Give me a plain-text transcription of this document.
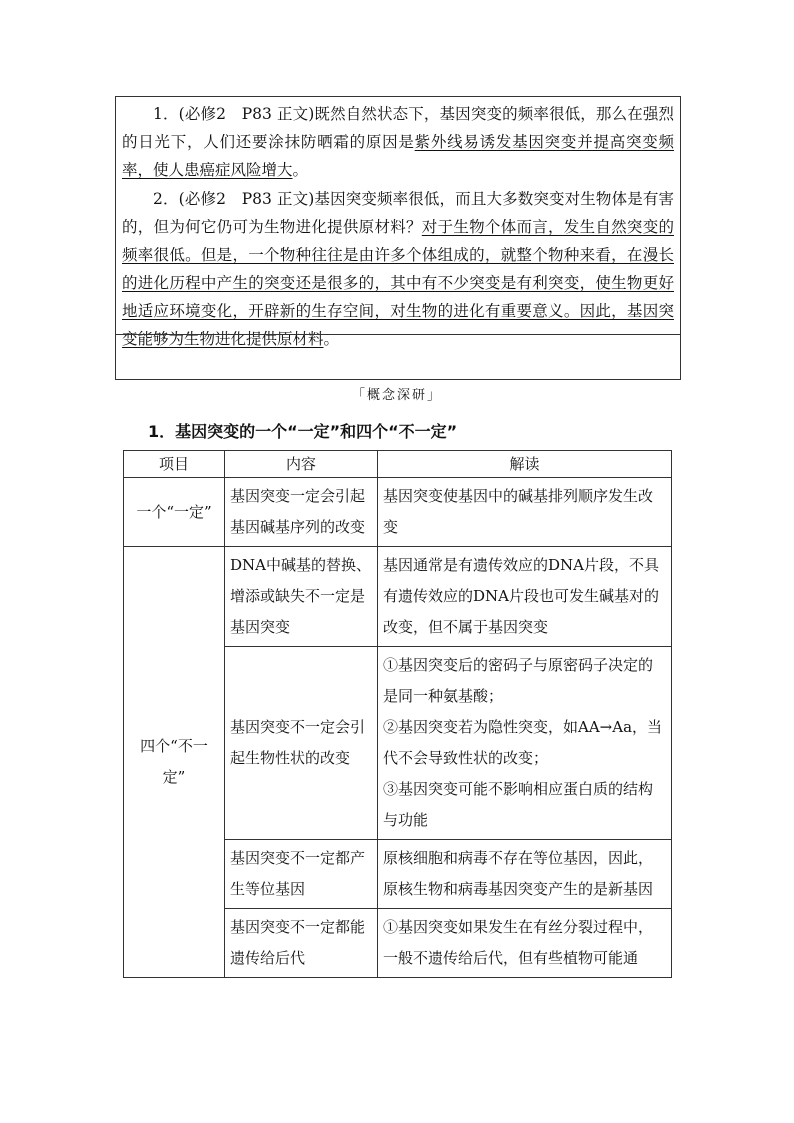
1．(必修2　P83 正文)既然自然状态下，基因突变的频率很低，那么在强烈的日光下，人们还要涂抹防晒霜的原因是紫外线易诱发基因突变并提高突变频率，使人患癌症风险增大。

2．(必修2　P83 正文)基因突变频率很低，而且大多数突变对生物体是有害的，但为何它仍可为生物进化提供原材料？对于生物个体而言，发生自然突变的频率很低。但是，一个物种往往是由许多个体组成的，就整个物种来看，在漫长的进化历程中产生的突变还是很多的，其中有不少突变是有利突变，使生物更好地适应环境变化，开辟新的生存空间，对生物的进化有重要意义。因此，基因突变能够为生物进化提供原材料。

「概念深研」
1．基因突变的一个“一定”和四个“不一定”
项目	内容	解读
一个“一定”	基因突变一定会引起基因碱基序列的改变	基因突变使基因中的碱基排列顺序发生改变
四个“不一定”	DNA中碱基的替换、增添或缺失不一定是基因突变	基因通常是有遗传效应的DNA片段，不具有遗传效应的DNA片段也可发生碱基对的改变，但不属于基因突变
	基因突变不一定会引起生物性状的改变	①基因突变后的密码子与原密码子决定的是同一种氨基酸；
②基因突变若为隐性突变，如AA→Aa，当代不会导致性状的改变；
③基因突变可能不影响相应蛋白质的结构与功能

	基因突变不一定都产生等位基因	原核细胞和病毒不存在等位基因，因此，原核生物和病毒基因突变产生的是新基因
	基因突变不一定都能遗传给后代	①基因突变如果发生在有丝分裂过程中，一般不遗传给后代，但有些植物可能通
